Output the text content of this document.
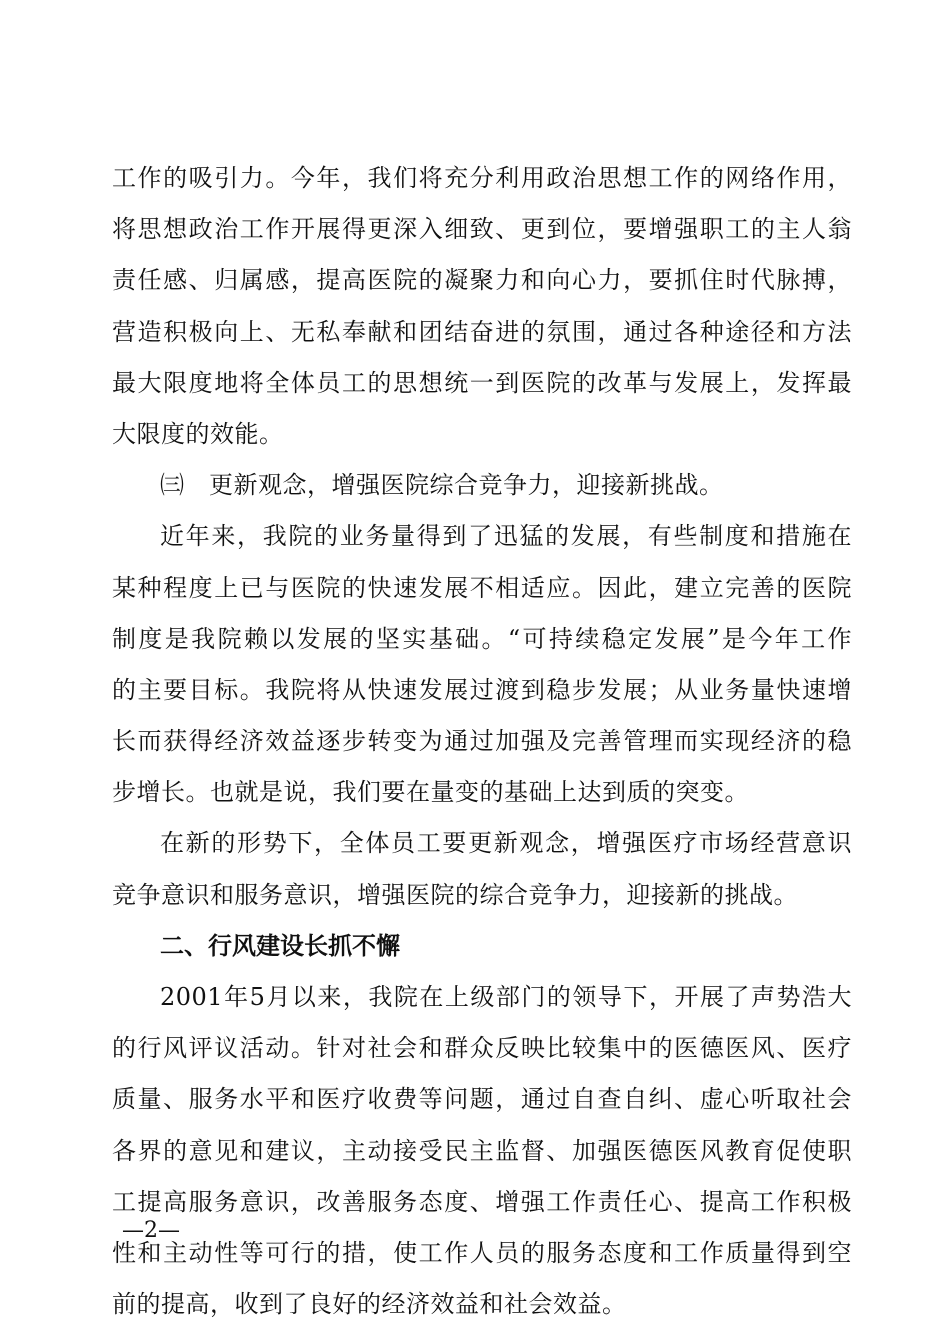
工作的吸引力。今年，我们将充分利用政治思想工作的网络作用，
将思想政治工作开展得更深入细致、更到位，要增强职工的主人翁
责任感、归属感，提高医院的凝聚力和向心力，要抓住时代脉搏，
营造积极向上、无私奉献和团结奋进的氛围，通过各种途径和方法
最大限度地将全体员工的思想统一到医院的改革与发展上，发挥最
大限度的效能。
㈢　更新观念，增强医院综合竞争力，迎接新挑战。
近年来，我院的业务量得到了迅猛的发展，有些制度和措施在
某种程度上已与医院的快速发展不相适应。因此，建立完善的医院
制度是我院赖以发展的坚实基础。“可持续稳定发展”是今年工作
的主要目标。我院将从快速发展过渡到稳步发展；从业务量快速增
长而获得经济效益逐步转变为通过加强及完善管理而实现经济的稳
步增长。也就是说，我们要在量变的基础上达到质的突变。
在新的形势下，全体员工要更新观念，增强医疗市场经营意识
竞争意识和服务意识，增强医院的综合竞争力，迎接新的挑战。
二、行风建设长抓不懈
2001年5月以来，我院在上级部门的领导下，开展了声势浩大
的行风评议活动。针对社会和群众反映比较集中的医德医风、医疗
质量、服务水平和医疗收费等问题，通过自查自纠、虚心听取社会
各界的意见和建议，主动接受民主监督、加强医德医风教育促使职
工提高服务意识，改善服务态度、增强工作责任心、提高工作积极
性和主动性等可行的措，使工作人员的服务态度和工作质量得到空
前的提高，收到了良好的经济效益和社会效益。
—2—
